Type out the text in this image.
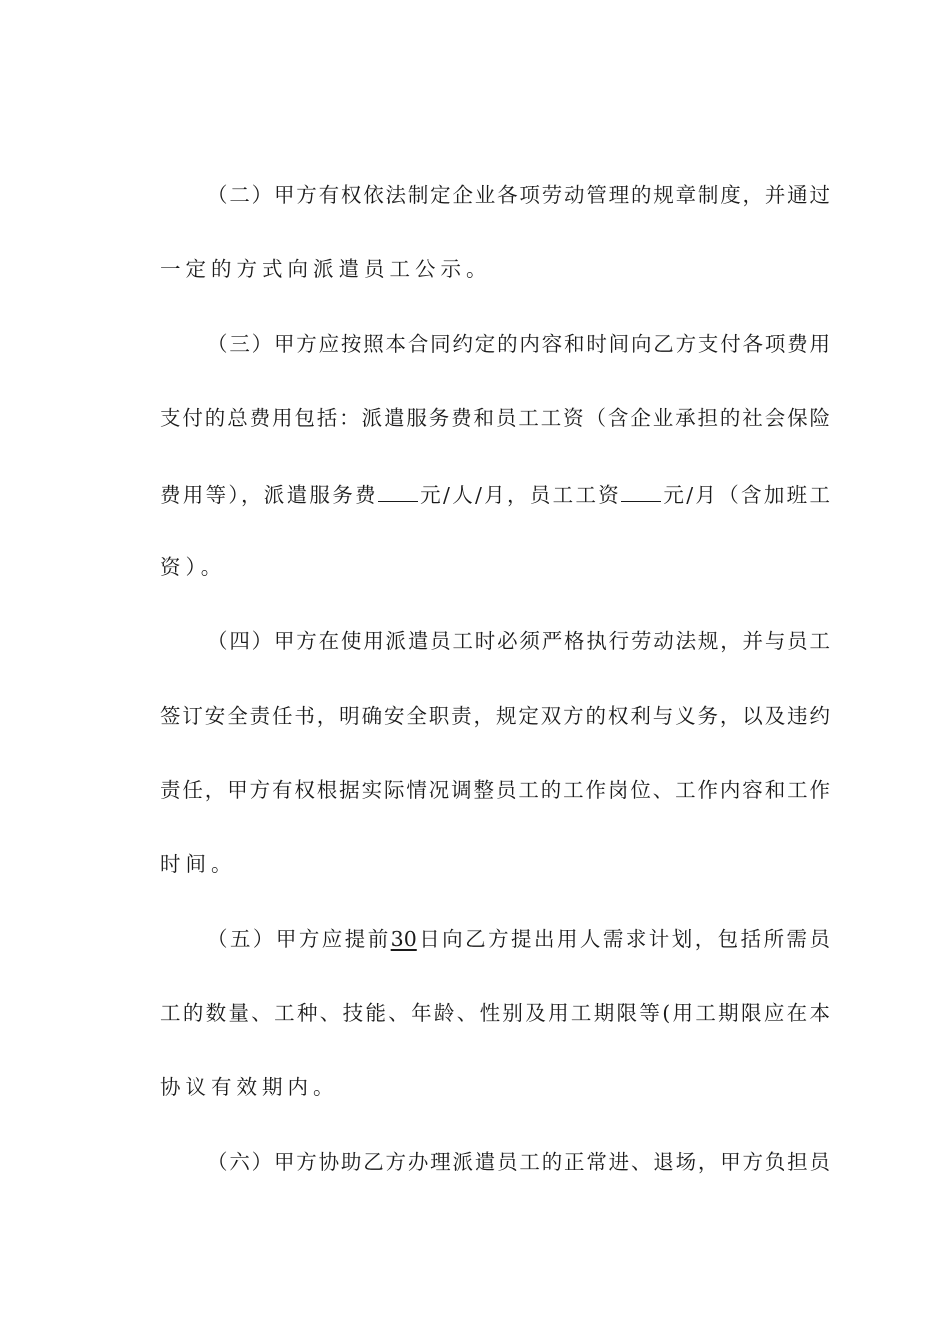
（二）甲方有权依法制定企业各项劳动管理的规章制度，并通过
一定的方式向派遣员工公示。
（三）甲方应按照本合同约定的内容和时间向乙方支付各项费用
支付的总费用包括：派遣服务费和员工工资（含企业承担的社会保险
费用等），派遣服务费 元/人/月，员工工资 元/月（含加班工
资）。
（四）甲方在使用派遣员工时必须严格执行劳动法规，并与员工
签订安全责任书，明确安全职责，规定双方的权利与义务，以及违约
责任，甲方有权根据实际情况调整员工的工作岗位、工作内容和工作
时间。
（五）甲方应提前30日向乙方提出用人需求计划，包括所需员
工的数量、工种、技能、年龄、性别及用工期限等(用工期限应在本
协议有效期内。
（六）甲方协助乙方办理派遣员工的正常进、退场，甲方负担员
